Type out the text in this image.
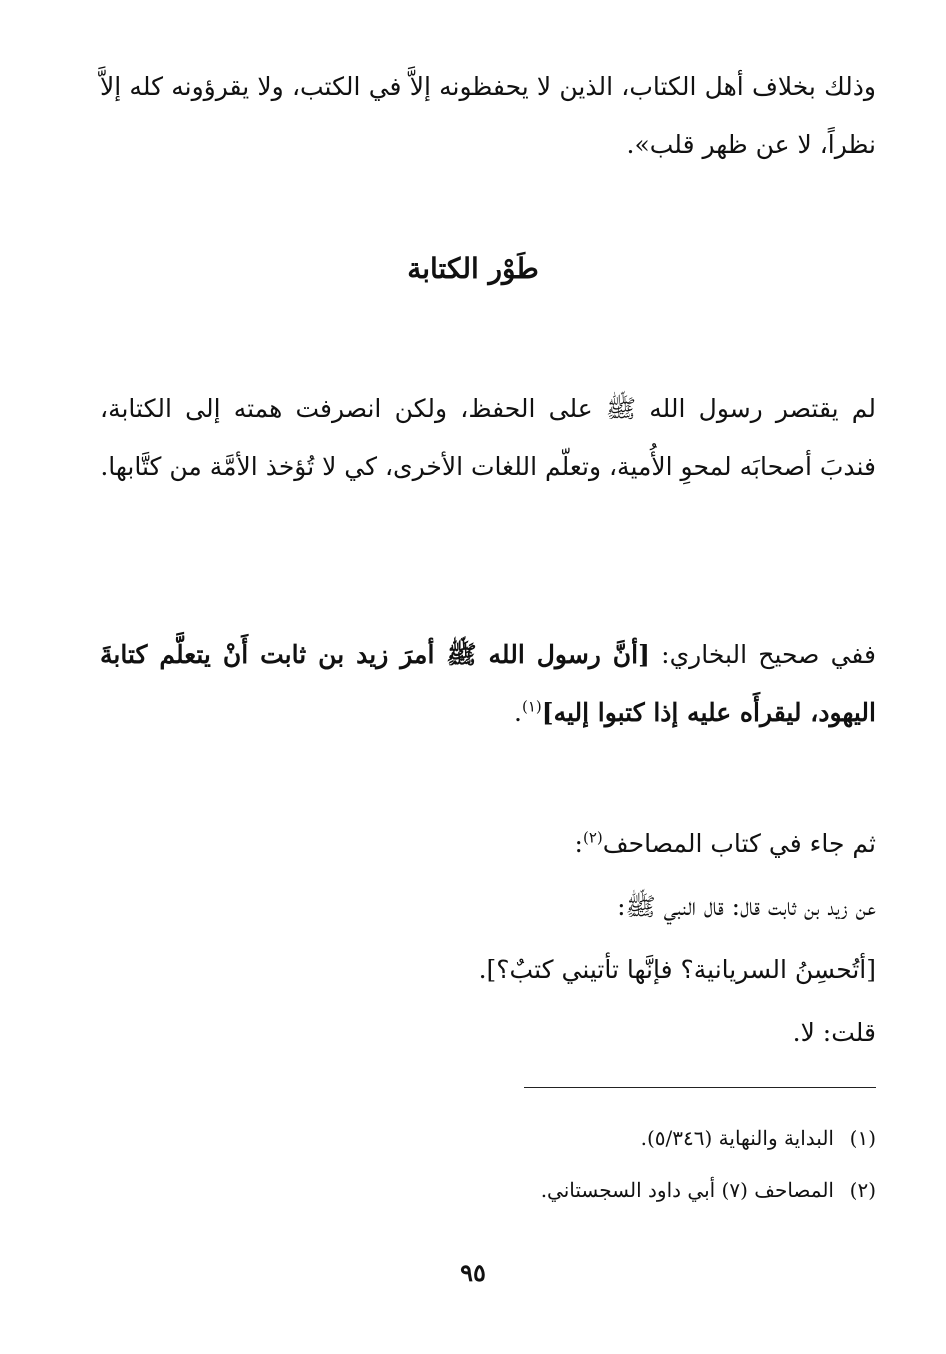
وذلك بخلاف أهل الكتاب، الذين لا يحفظونه إلاَّ في الكتب، ولا يقرؤونه كله إلاَّ نظراً، لا عن ظهر قلب».
طَوْر الكتابة
لم يقتصر رسول الله ﷺ على الحفظ، ولكن انصرفت همته إلى الكتابة، فندبَ أصحابَه لمحوِ الأُمية، وتعلّم اللغات الأخرى، كي لا تُؤخذ الأمَّة من كتَّابها.
ففي صحيح البخاري: [أنَّ رسول الله ﷺ أمرَ زيد بن ثابت أَنْ يتعلَّم كتابةَ اليهود، ليقرأَه عليه إذا كتبوا إليه]$^{(١)}$.
ثم جاء في كتاب المصاحف$^{(٢)}$:
عن زيد بن ثابت قال: قال النبي ﷺ:
[أتُحسِنُ السريانية؟ فإنَّها تأتيني كتبٌ؟].
قلت: لا.
(١)البداية والنهاية (٥/٣٤٦).
(٢)المصاحف (٧) أبي داود السجستاني.
٩٥
